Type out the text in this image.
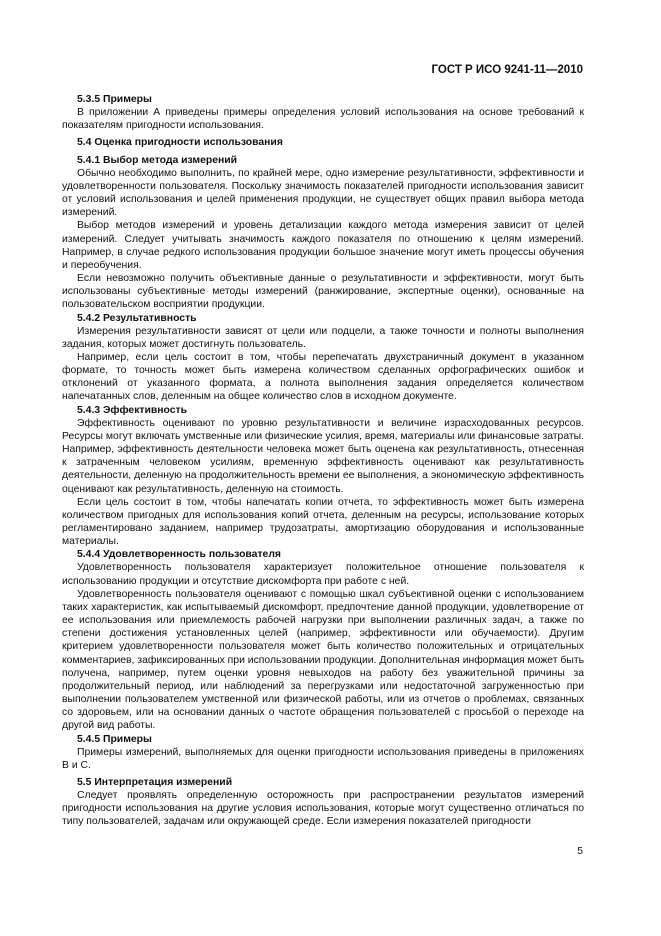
ГОСТ Р ИСО 9241-11—2010

5.3.5 Примеры

В приложении А приведены примеры определения условий использования на основе требований к показателям пригодности использования.

5.4 Оценка пригодности использования

5.4.1 Выбор метода измерений

Обычно необходимо выполнить, по крайней мере, одно измерение результативности, эффективности и удовлетворенности пользователя. Поскольку значимость показателей пригодности использования зависит от условий использования и целей применения продукции, не существует общих правил выбора метода измерений.

Выбор методов измерений и уровень детализации каждого метода измерения зависит от целей измерений. Следует учитывать значимость каждого показателя по отношению к целям измерений. Например, в случае редкого использования продукции большое значение могут иметь процессы обучения и переобучения.

Если невозможно получить объективные данные о результативности и эффективности, могут быть использованы субъективные методы измерений (ранжирование, экспертные оценки), основанные на пользовательском восприятии продукции.

5.4.2 Результативность

Измерения результативности зависят от цели или подцели, а также точности и полноты выполнения задания, которых может достигнуть пользователь.

Например, если цель состоит в том, чтобы перепечатать двухстраничный документ в указанном формате, то точность может быть измерена количеством сделанных орфографических ошибок и отклонений от указанного формата, а полнота выполнения задания определяется количеством напечатанных слов, деленным на общее количество слов в исходном документе.

5.4.3 Эффективность

Эффективность оценивают по уровню результативности и величине израсходованных ресурсов. Ресурсы могут включать умственные или физические усилия, время, материалы или финансовые затраты. Например, эффективность деятельности человека может быть оценена как результативность, отнесенная к затраченным человеком усилиям, временную эффективность оценивают как результативность деятельности, деленную на продолжительность времени ее выполнения, а экономическую эффективность оценивают как результативность, деленную на стоимость.

Если цель состоит в том, чтобы напечатать копии отчета, то эффективность может быть измерена количеством пригодных для использования копий отчета, деленным на ресурсы, использование которых регламентировано заданием, например трудозатраты, амортизацию оборудования и использованные материалы.

5.4.4 Удовлетворенность пользователя

Удовлетворенность пользователя характеризует положительное отношение пользователя к использованию продукции и отсутствие дискомфорта при работе с ней.

Удовлетворенность пользователя оценивают с помощью шкал субъективной оценки с использованием таких характеристик, как испытываемый дискомфорт, предпочтение данной продукции, удовлетворение от ее использования или приемлемость рабочей нагрузки при выполнении различных задач, а также по степени достижения установленных целей (например, эффективности или обучаемости). Другим критерием удовлетворенности пользователя может быть количество положительных и отрицательных комментариев, зафиксированных при использовании продукции. Дополнительная информация может быть получена, например, путем оценки уровня невыходов на работу без уважительной причины за продолжительный период, или наблюдений за перегрузками или недостаточной загруженностью при выполнении пользователем умственной или физической работы, или из отчетов о проблемах, связанных со здоровьем, или на основании данных о частоте обращения пользователей с просьбой о переходе на другой вид работы.

5.4.5 Примеры

Примеры измерений, выполняемых для оценки пригодности использования приведены в приложениях В и С.

5.5 Интерпретация измерений

Следует проявлять определенную осторожность при распространении результатов измерений пригодности использования на другие условия использования, которые могут существенно отличаться по типу пользователей, задачам или окружающей среде. Если измерения показателей пригодности

5
